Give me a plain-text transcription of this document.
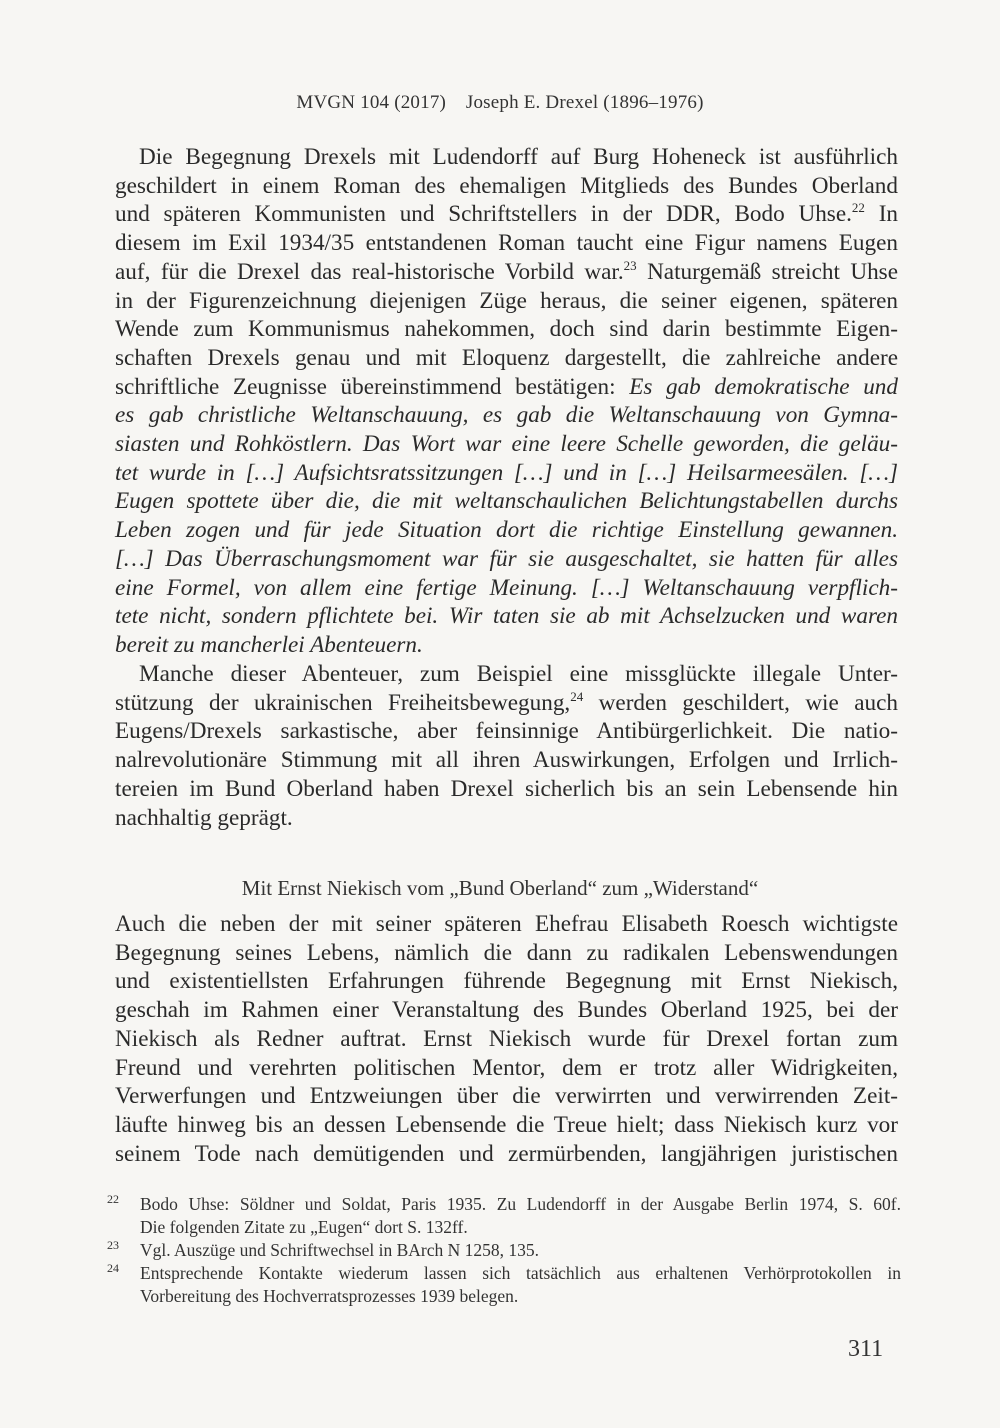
MVGN 104 (2017)    Joseph E. Drexel (1896–1976)
Die Begegnung Drexels mit Ludendorff auf Burg Hoheneck ist ausführlich
geschildert in einem Roman des ehemaligen Mitglieds des Bundes Oberland
und späteren Kommunisten und Schriftstellers in der DDR, Bodo Uhse.$^{22}$ In
diesem im Exil 1934/35 entstandenen Roman taucht eine Figur namens Eugen
auf, für die Drexel das real-historische Vorbild war.$^{23}$ Naturgemäß streicht Uhse
in der Figurenzeichnung diejenigen Züge heraus, die seiner eigenen, späteren
Wende zum Kommunismus nahekommen, doch sind darin bestimmte Eigen-
schaften Drexels genau und mit Eloquenz dargestellt, die zahlreiche andere
schriftliche Zeugnisse übereinstimmend bestätigen: Es gab demokratische und
es gab christliche Weltanschauung, es gab die Weltanschauung von Gymna-
siasten und Rohköstlern. Das Wort war eine leere Schelle geworden, die geläu-
tet wurde in […] Aufsichtsratssitzungen […] und in […] Heilsarmeesälen. […]
Eugen spottete über die, die mit weltanschaulichen Belichtungstabellen durchs
Leben zogen und für jede Situation dort die richtige Einstellung gewannen.
[…] Das Überraschungsmoment war für sie ausgeschaltet, sie hatten für alles
eine Formel, von allem eine fertige Meinung. […] Weltanschauung verpflich-
tete nicht, sondern pflichtete bei. Wir taten sie ab mit Achselzucken und waren
bereit zu mancherlei Abenteuern.
Manche dieser Abenteuer, zum Beispiel eine missglückte illegale Unter-
stützung der ukrainischen Freiheitsbewegung,$^{24}$ werden geschildert, wie auch
Eugens/Drexels sarkastische, aber feinsinnige Antibürgerlichkeit. Die natio-
nalrevolutionäre Stimmung mit all ihren Auswirkungen, Erfolgen und Irrlich-
tereien im Bund Oberland haben Drexel sicherlich bis an sein Lebensende hin
nachhaltig geprägt.
Mit Ernst Niekisch vom „Bund Oberland“ zum „Widerstand“
Auch die neben der mit seiner späteren Ehefrau Elisabeth Roesch wichtigste
Begegnung seines Lebens, nämlich die dann zu radikalen Lebenswendungen
und existentiellsten Erfahrungen führende Begegnung mit Ernst Niekisch,
geschah im Rahmen einer Veranstaltung des Bundes Oberland 1925, bei der
Niekisch als Redner auftrat. Ernst Niekisch wurde für Drexel fortan zum
Freund und verehrten politischen Mentor, dem er trotz aller Widrigkeiten,
Verwerfungen und Entzweiungen über die verwirrten und verwirrenden Zeit-
läufte hinweg bis an dessen Lebensende die Treue hielt; dass Niekisch kurz vor
seinem Tode nach demütigenden und zermürbenden, langjährigen juristischen
22 Bodo Uhse: Söldner und Soldat, Paris 1935. Zu Ludendorff in der Ausgabe Berlin 1974, S. 60f.
Die folgenden Zitate zu „Eugen“ dort S. 132ff.
23 Vgl. Auszüge und Schriftwechsel in BArch N 1258, 135.
24 Entsprechende Kontakte wiederum lassen sich tatsächlich aus erhaltenen Verhörprotokollen in
Vorbereitung des Hochverratsprozesses 1939 belegen.
311
